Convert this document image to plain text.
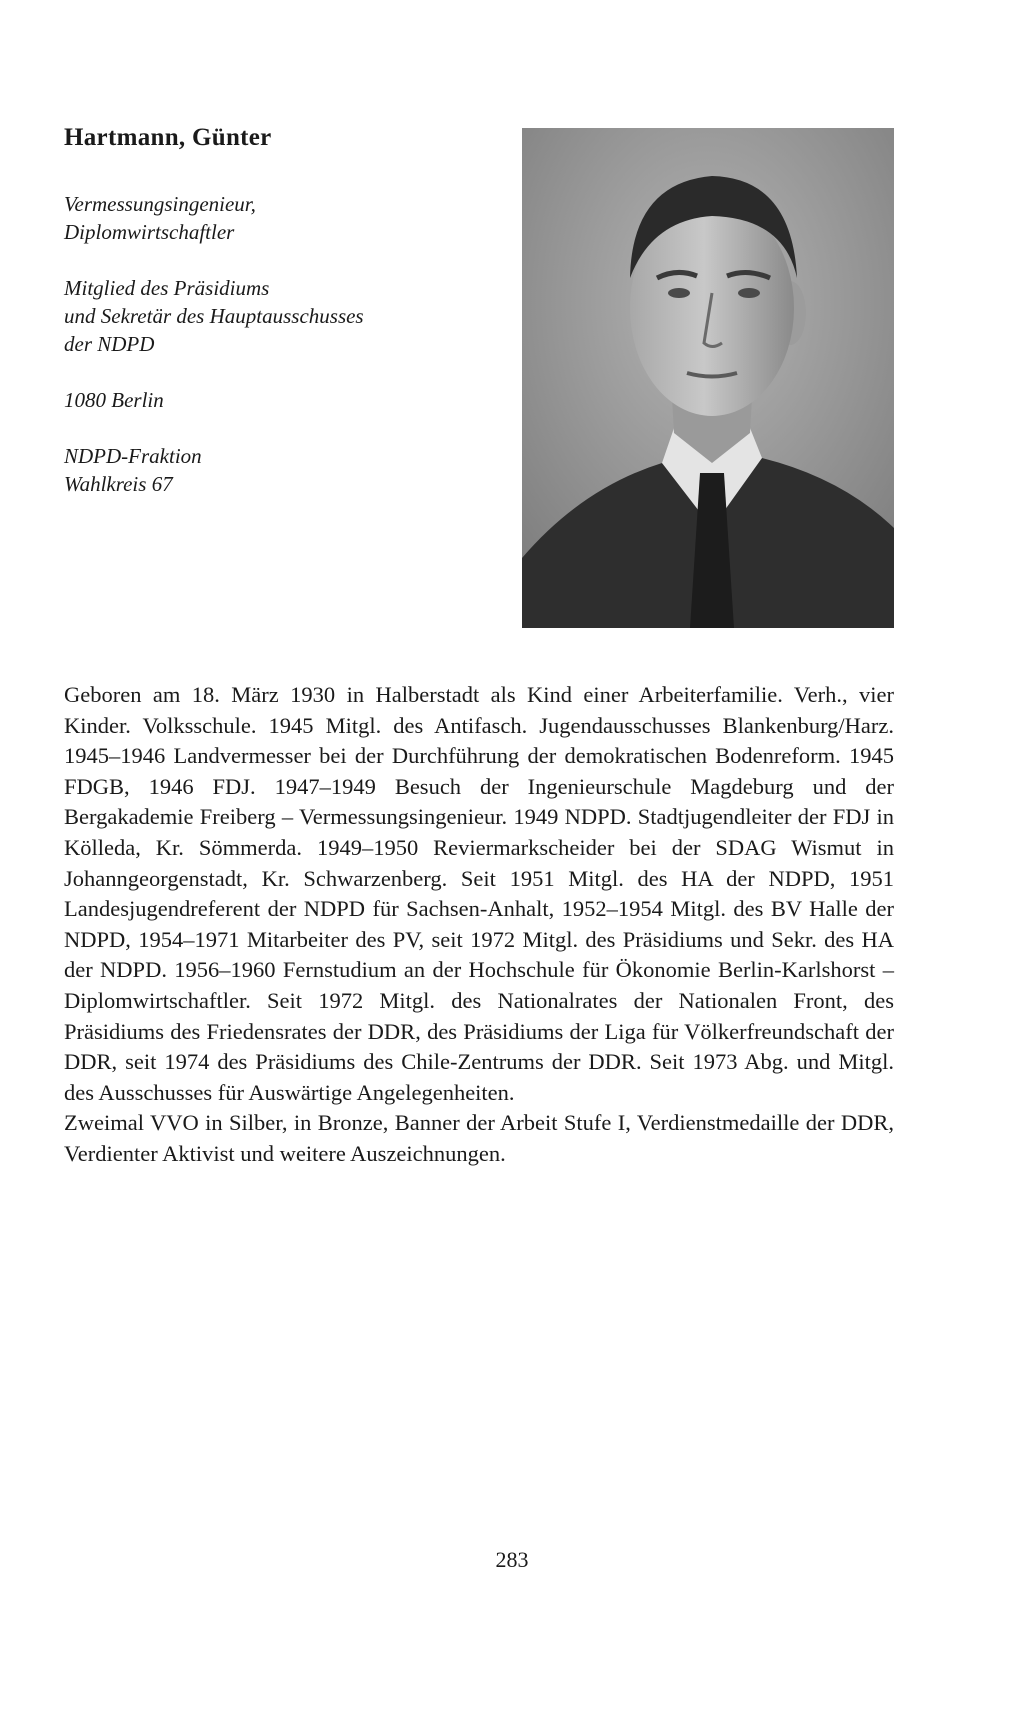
Hartmann, Günter
Vermessungsingenieur,
Diplomwirtschaftler
Mitglied des Präsidiums
und Sekretär des Hauptausschusses
der NDPD
1080 Berlin
NDPD-Fraktion
Wahlkreis 67

Geboren am 18. März 1930 in Halberstadt als Kind einer Arbeiterfamilie. Verh., vier Kinder. Volksschule. 1945 Mitgl. des Antifasch. Jugendausschusses Blankenburg/Harz. 1945–1946 Landvermesser bei der Durchführung der demokratischen Bodenreform. 1945 FDGB, 1946 FDJ. 1947–1949 Besuch der Ingenieurschule Magdeburg und der Bergakademie Freiberg – Vermessungsingenieur. 1949 NDPD. Stadtjugendleiter der FDJ in Kölleda, Kr. Sömmerda. 1949–1950 Reviermarkscheider bei der SDAG Wismut in Johanngeorgenstadt, Kr. Schwarzenberg. Seit 1951 Mitgl. des HA der NDPD, 1951 Landesjugendreferent der NDPD für Sachsen-Anhalt, 1952–1954 Mitgl. des BV Halle der NDPD, 1954–1971 Mitarbeiter des PV, seit 1972 Mitgl. des Präsidiums und Sekr. des HA der NDPD. 1956–1960 Fernstudium an der Hochschule für Ökonomie Berlin-Karlshorst – Diplomwirtschaftler. Seit 1972 Mitgl. des Nationalrates der Nationalen Front, des Präsidiums des Friedensrates der DDR, des Präsidiums der Liga für Völkerfreundschaft der DDR, seit 1974 des Präsidiums des Chile-Zentrums der DDR. Seit 1973 Abg. und Mitgl. des Ausschusses für Auswärtige Angelegenheiten.

Zweimal VVO in Silber, in Bronze, Banner der Arbeit Stufe I, Verdienstmedaille der DDR, Verdienter Aktivist und weitere Auszeichnungen.

283
